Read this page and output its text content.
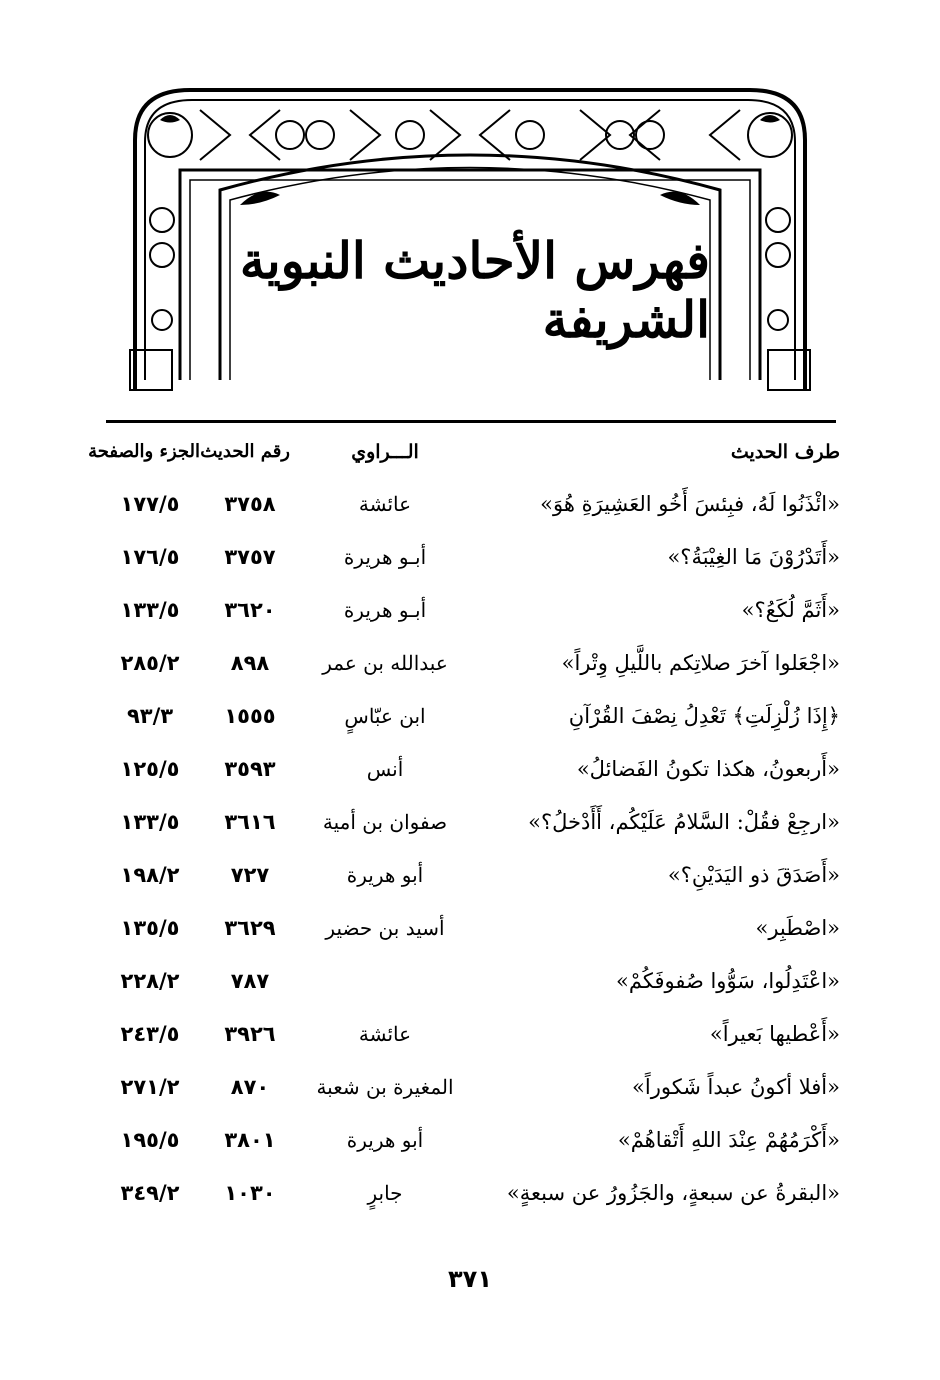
فهرس الأحاديث النبوية الشريفة
طرف الحديث
الـــراوي
رقم الحديث
الجزء والصفحة
«ائْذَنُوا لَهُ، فبِئسَ أَخُو العَشِيرَةِ هُوَ»
عائشة
٣٧٥٨
١٧٧/٥
«أَتَدْرُوْنَ مَا الغِيْبَةُ؟»
أبـو هريرة
٣٧٥٧
١٧٦/٥
«أَثَمَّ لُكَعُ؟»
أبـو هريرة
٣٦٢٠
١٣٣/٥
«اجْعَلوا آخرَ صلاتِكم باللَّيلِ وِتْراً»
عبدالله بن عمر
٨٩٨
٢٨٥/٢
﴿إِذَا زُلْزِلَتِ﴾ تَعْدِلُ نِصْفَ القُرْآنِ
ابن عبّاسٍ
١٥٥٥
٩٣/٣
«أَربعونُ، هكذا تكونُ الفَضائلُ»
أنس
٣٥٩٣
١٢٥/٥
«ارجِعْ فقُلْ: السَّلامُ عَلَيْكُم، أَأَدْخلُ؟»
صفوان بن أمية
٣٦١٦
١٣٣/٥
«أَصَدَقَ ذو اليَدَيْنِ؟»
أبو هريرة
٧٢٧
١٩٨/٢
«اصْطَبِر»
أسيد بن حضير
٣٦٢٩
١٣٥/٥
«اعْتَدِلُوا، سَوُّوا صُفوفَكُمْ»
٧٨٧
٢٢٨/٢
«أَعْطيها بَعيراً»
عائشة
٣٩٢٦
٢٤٣/٥
«أفلا أكونُ عبداً شَكوراً»
المغيرة بن شعبة
٨٧٠
٢٧١/٢
«أَكْرَمُهُمْ عِنْدَ اللهِ أَتْقاهُمْ»
أبو هريرة
٣٨٠١
١٩٥/٥
«البقرةُ عن سبعةٍ، والجَزُورُ عن سبعةٍ»
جابرٍ
١٠٣٠
٣٤٩/٢
٣٧١
